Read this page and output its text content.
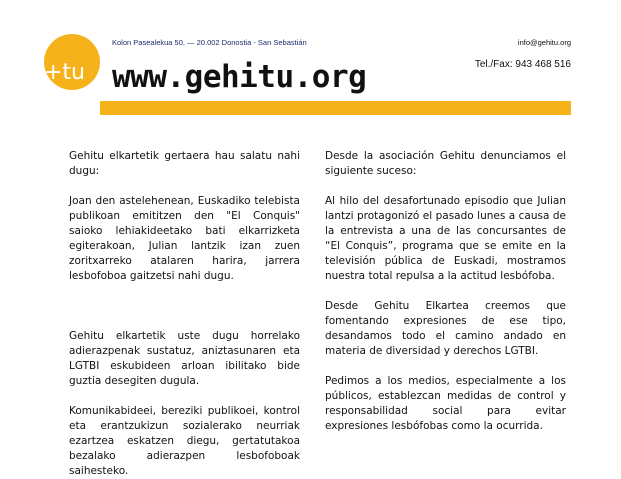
+tu
Kolon Pasealekua 50, — 20.002 Donostia - San Sebastián	info@gehitu.org
www.gehitu.org	Tel./Fax: 943 468 516

Gehitu elkartetik gertaera hau salatu nahi dugu:

Joan den astelehenean, Euskadiko telebista publikoan emititzen den "El Conquis" saioko lehiakideetako bati elkarrizketa egiterakoan, Julian lantzik izan zuen zoritxarreko atalaren harira, jarrera lesbofoboa gaitzetsi nahi dugu.

Gehitu elkartetik uste dugu horrelako adierazpenak sustatuz, aniztasunaren eta LGTBI eskubideen arloan ibilitako bide guztia desegiten dugula.

Komunikabideei, bereziki publikoei, kontrol eta erantzukizun sozialerako neurriak ezartzea eskatzen diegu, gertatutakoa bezalako adierazpen lesbofoboak saihesteko.

Desde la asociación Gehitu denunciamos el siguiente suceso:

Al hilo del desafortunado episodio que Julian lantzi protagonizó el pasado lunes a causa de la entrevista a una de las concursantes de “El Conquis”, programa que se emite en la televisión pública de Euskadi, mostramos nuestra total repulsa a la actitud lesbófoba.

Desde Gehitu Elkartea creemos que fomentando expresiones de ese tipo, desandamos todo el camino andado en materia de diversidad y derechos LGTBI.

Pedimos a los medios, especialmente a los públicos, establezcan medidas de control y responsabilidad social para evitar expresiones lesbófobas como la ocurrida.
